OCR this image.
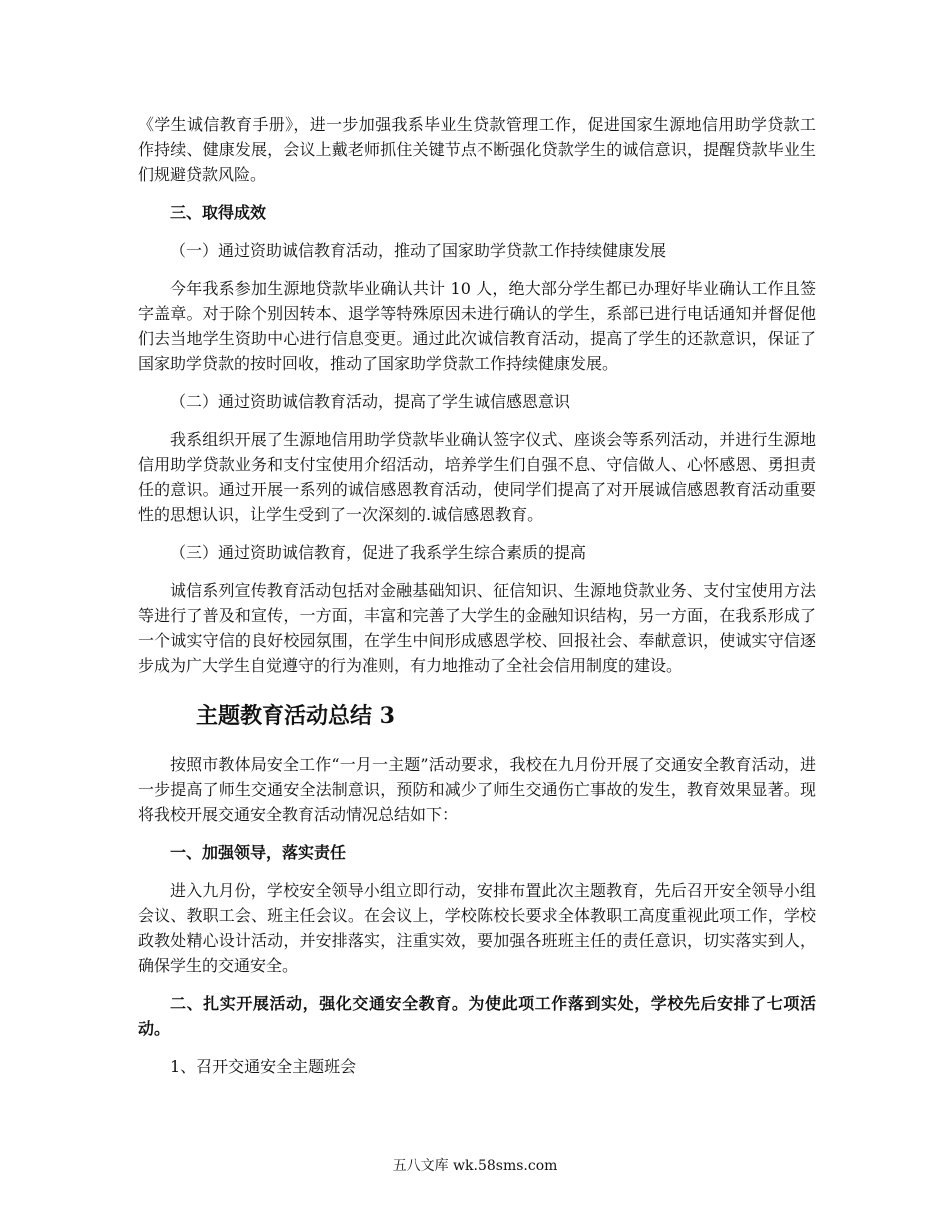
《学生诚信教育手册》，进一步加强我系毕业生贷款管理工作，促进国家生源地信用助学贷款工作持续、健康发展，会议上戴老师抓住关键节点不断强化贷款学生的诚信意识，提醒贷款毕业生们规避贷款风险。

三、取得成效

（一）通过资助诚信教育活动，推动了国家助学贷款工作持续健康发展

今年我系参加生源地贷款毕业确认共计 10 人，绝大部分学生都已办理好毕业确认工作且签字盖章。对于除个别因转本、退学等特殊原因未进行确认的学生，系部已进行电话通知并督促他们去当地学生资助中心进行信息变更。通过此次诚信教育活动，提高了学生的还款意识，保证了国家助学贷款的按时回收，推动了国家助学贷款工作持续健康发展。

（二）通过资助诚信教育活动，提高了学生诚信感恩意识

我系组织开展了生源地信用助学贷款毕业确认签字仪式、座谈会等系列活动，并进行生源地信用助学贷款业务和支付宝使用介绍活动，培养学生们自强不息、守信做人、心怀感恩、勇担责任的意识。通过开展一系列的诚信感恩教育活动，使同学们提高了对开展诚信感恩教育活动重要性的思想认识，让学生受到了一次深刻的.诚信感恩教育。

（三）通过资助诚信教育，促进了我系学生综合素质的提高

诚信系列宣传教育活动包括对金融基础知识、征信知识、生源地贷款业务、支付宝使用方法等进行了普及和宣传，一方面，丰富和完善了大学生的金融知识结构，另一方面，在我系形成了一个诚实守信的良好校园氛围，在学生中间形成感恩学校、回报社会、奉献意识，使诚实守信逐步成为广大学生自觉遵守的行为准则，有力地推动了全社会信用制度的建设。

主题教育活动总结 3

按照市教体局安全工作“一月一主题”活动要求，我校在九月份开展了交通安全教育活动，进一步提高了师生交通安全法制意识，预防和减少了师生交通伤亡事故的发生，教育效果显著。现将我校开展交通安全教育活动情况总结如下：

一、加强领导，落实责任

进入九月份，学校安全领导小组立即行动，安排布置此次主题教育，先后召开安全领导小组会议、教职工会、班主任会议。在会议上，学校陈校长要求全体教职工高度重视此项工作，学校政教处精心设计活动，并安排落实，注重实效，要加强各班班主任的责任意识，切实落实到人，确保学生的交通安全。

二、扎实开展活动，强化交通安全教育。为使此项工作落到实处，学校先后安排了七项活动。

1、召开交通安全主题班会

五八文库 wk.58sms.com
